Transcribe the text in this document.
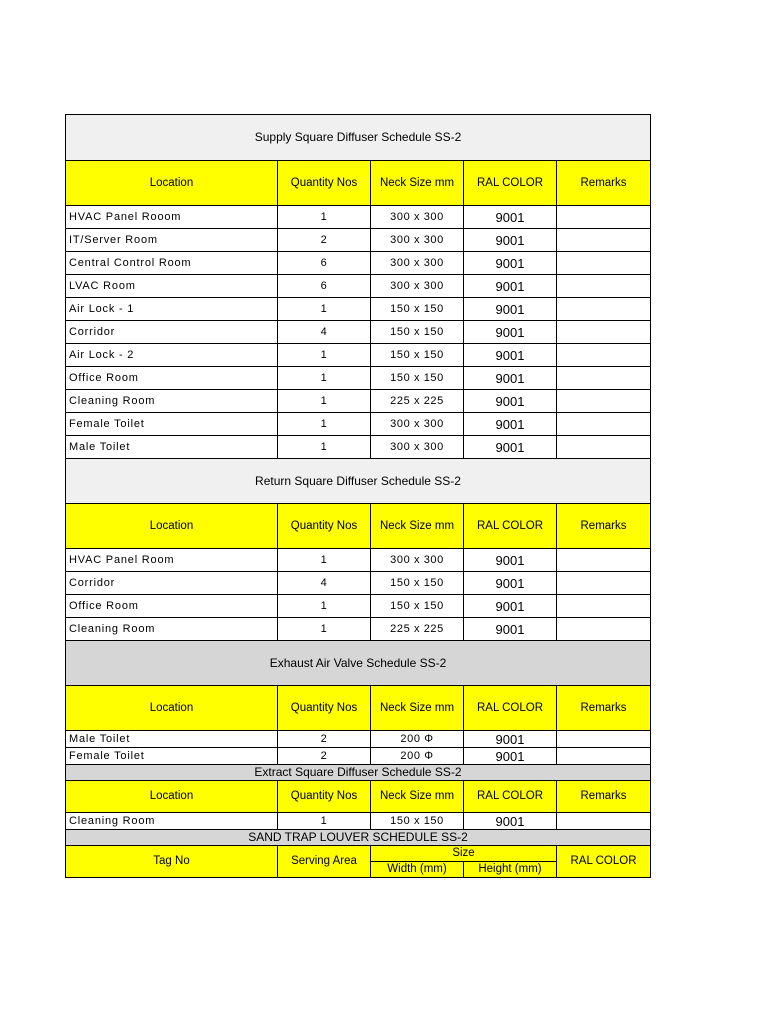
Supply Square Diffuser Schedule SS-2				
Location	Quantity Nos	Neck Size mm	RAL COLOR	Remarks
HVAC Panel Rooom	1	300 x 300	9001	
IT/Server Room	2	300 x 300	9001	
Central Control Room	6	300 x 300	9001	
LVAC Room	6	300 x 300	9001	
Air Lock - 1	1	150 x 150	9001	
Corridor	4	150 x 150	9001	
Air Lock - 2	1	150 x 150	9001	
Office Room	1	150 x 150	9001	
Cleaning Room	1	225 x 225	9001	
Female Toilet	1	300 x 300	9001	
Male Toilet	1	300 x 300	9001	
Return Square Diffuser Schedule SS-2				
Location	Quantity Nos	Neck Size mm	RAL COLOR	Remarks
HVAC Panel Room	1	300 x 300	9001	
Corridor	4	150 x 150	9001	
Office Room	1	150 x 150	9001	
Cleaning Room	1	225 x 225	9001	
Exhaust Air Valve Schedule SS-2				
Location	Quantity Nos	Neck Size mm	RAL COLOR	Remarks
Male Toilet	2	200 Φ	9001	
Female Toilet	2	200 Φ	9001	
Extract Square Diffuser Schedule SS-2				
Location	Quantity Nos	Neck Size mm	RAL COLOR	Remarks
Cleaning Room	1	150 x 150	9001	
SAND TRAP LOUVER SCHEDULE SS-2				
Tag No	Serving Area	Size		RAL COLOR
		Width (mm)	Height (mm)	
